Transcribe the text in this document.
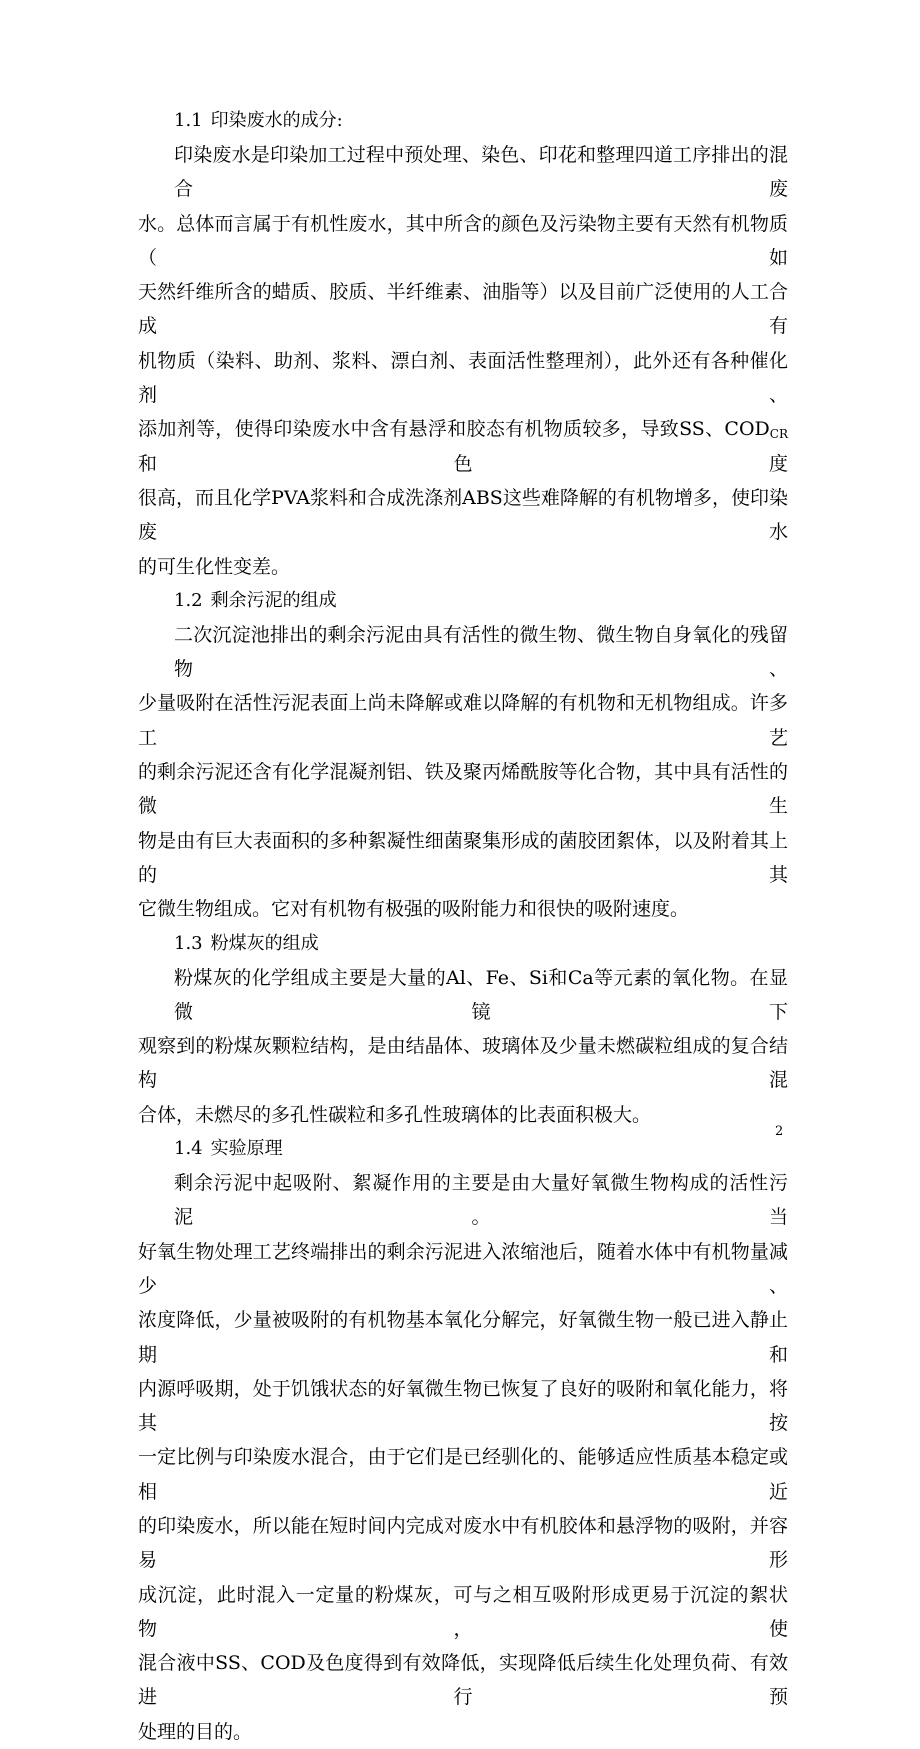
1.1 印染废水的成分:
印染废水是印染加工过程中预处理、染色、印花和整理四道工序排出的混合废
水。总体而言属于有机性废水，其中所含的颜色及污染物主要有天然有机物质（如
天然纤维所含的蜡质、胶质、半纤维素、油脂等）以及目前广泛使用的人工合成有
机物质（染料、助剂、浆料、漂白剂、表面活性整理剂），此外还有各种催化剂、
添加剂等，使得印染废水中含有悬浮和胶态有机物质较多，导致SS、$COD_{CR}$和色度
很高，而且化学PVA浆料和合成洗涤剂ABS这些难降解的有机物增多，使印染废水
的可生化性变差。
1.2 剩余污泥的组成
二次沉淀池排出的剩余污泥由具有活性的微生物、微生物自身氧化的残留物、
少量吸附在活性污泥表面上尚未降解或难以降解的有机物和无机物组成。许多工艺
的剩余污泥还含有化学混凝剂铝、铁及聚丙烯酰胺等化合物，其中具有活性的微生
物是由有巨大表面积的多种絮凝性细菌聚集形成的菌胶团絮体，以及附着其上的其
它微生物组成。它对有机物有极强的吸附能力和很快的吸附速度。
1.3 粉煤灰的组成
粉煤灰的化学组成主要是大量的Al、Fe、Si和Ca等元素的氧化物。在显微镜下
观察到的粉煤灰颗粒结构，是由结晶体、玻璃体及少量未燃碳粒组成的复合结构混
合体，未燃尽的多孔性碳粒和多孔性玻璃体的比表面积极大。
1.4 实验原理
剩余污泥中起吸附、絮凝作用的主要是由大量好氧微生物构成的活性污泥。当
好氧生物处理工艺终端排出的剩余污泥进入浓缩池后，随着水体中有机物量减少、
浓度降低，少量被吸附的有机物基本氧化分解完，好氧微生物一般已进入静止期和
内源呼吸期，处于饥饿状态的好氧微生物已恢复了良好的吸附和氧化能力，将其按
一定比例与印染废水混合，由于它们是已经驯化的、能够适应性质基本稳定或相近
的印染废水，所以能在短时间内完成对废水中有机胶体和悬浮物的吸附，并容易形
成沉淀，此时混入一定量的粉煤灰，可与之相互吸附形成更易于沉淀的絮状物，使
混合液中SS、COD及色度得到有效降低，实现降低后续生化处理负荷、有效进行预
处理的目的。
2
